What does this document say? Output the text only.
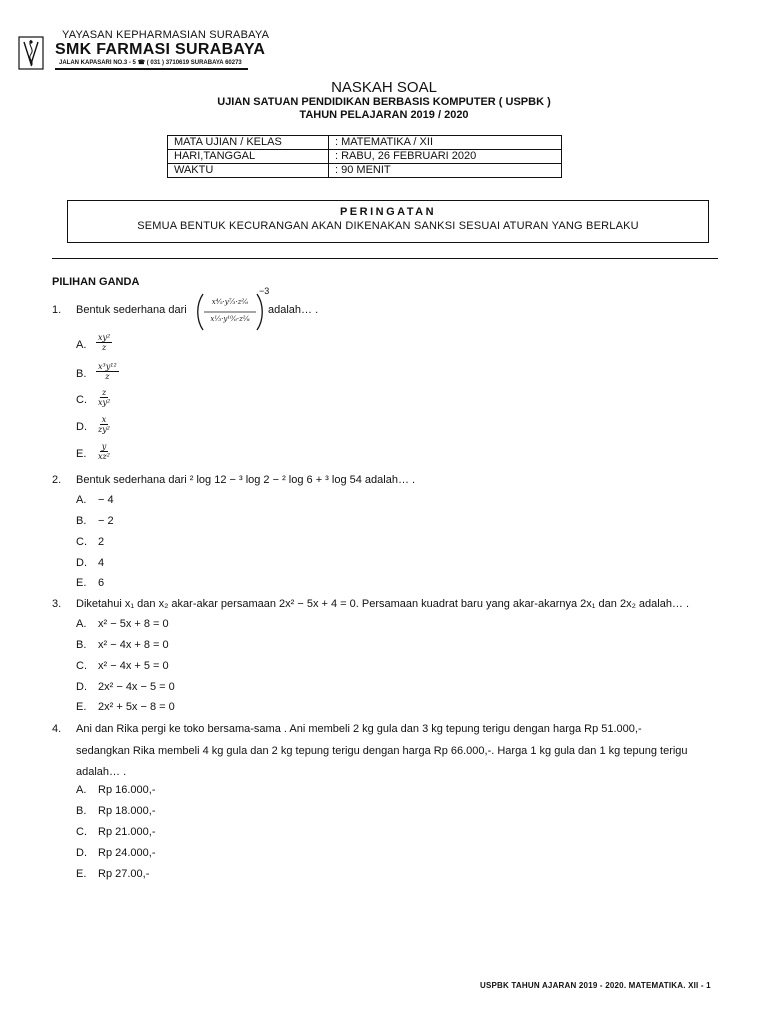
YAYASAN KEPHARMASIAN SURABAYA
SMK FARMASI SURABAYA
JALAN KAPASARI NO.3 - 5 ☎ ( 031 ) 3710619 SURABAYA 60273
NASKAH SOAL
UJIAN SATUAN PENDIDIKAN BERBASIS KOMPUTER ( USPBK )
TAHUN PELAJARAN 2019 / 2020
MATA UJIAN / KELAS	: MATEMATIKA / XII
HARI,TANGGAL	: RABU, 26 FEBRUARI 2020
WAKTU	: 90 MENIT
PERINGATAN
SEMUA BENTUK KECURANGAN AKAN DIKENAKAN SANKSI SESUAI ATURAN YANG BERLAKU
PILIHAN GANDA
1. Bentuk sederhana dari
x⁴⁄₅·y⁷⁄₃·z²⁄₆
x¹⁄₃·y¹⁰⁄₆·z²⁄₈
−3
adalah… .
A. $\frac{\text{xy²}}{z}$
B. $\frac{\text{x³y¹²}}{z}$
C. $\frac{z}{\text{xy²}}$
D. $\frac{x}{\text{zy²}}$
E. $\frac{y}{\text{xz²}}$
2. Bentuk sederhana dari ² log 12 − ³ log 2 − ² log 6 + ³ log 54 adalah… .
A. − 4
B. − 2
C. 2
D. 4
E. 6
3. Diketahui x₁ dan x₂ akar-akar persamaan 2x² − 5x + 4 = 0. Persamaan kuadrat baru yang akar-akarnya 2x₁ dan 2x₂ adalah… .
A. x² − 5x + 8 = 0
B. x² − 4x + 8 = 0
C. x² − 4x + 5 = 0
D. 2x² − 4x − 5 = 0
E. 2x² + 5x − 8 = 0
4. Ani dan Rika pergi ke toko bersama-sama . Ani membeli 2 kg gula dan 3 kg tepung terigu dengan harga Rp 51.000,-
sedangkan Rika membeli 4 kg gula dan 2 kg tepung terigu dengan harga Rp 66.000,-. Harga 1 kg gula dan 1 kg tepung terigu
adalah… .
A. Rp 16.000,-
B. Rp 18.000,-
C. Rp 21.000,-
D. Rp 24.000,-
E. Rp 27.00,-
USPBK TAHUN AJARAN 2019 - 2020. MATEMATIKA. XII - 1
